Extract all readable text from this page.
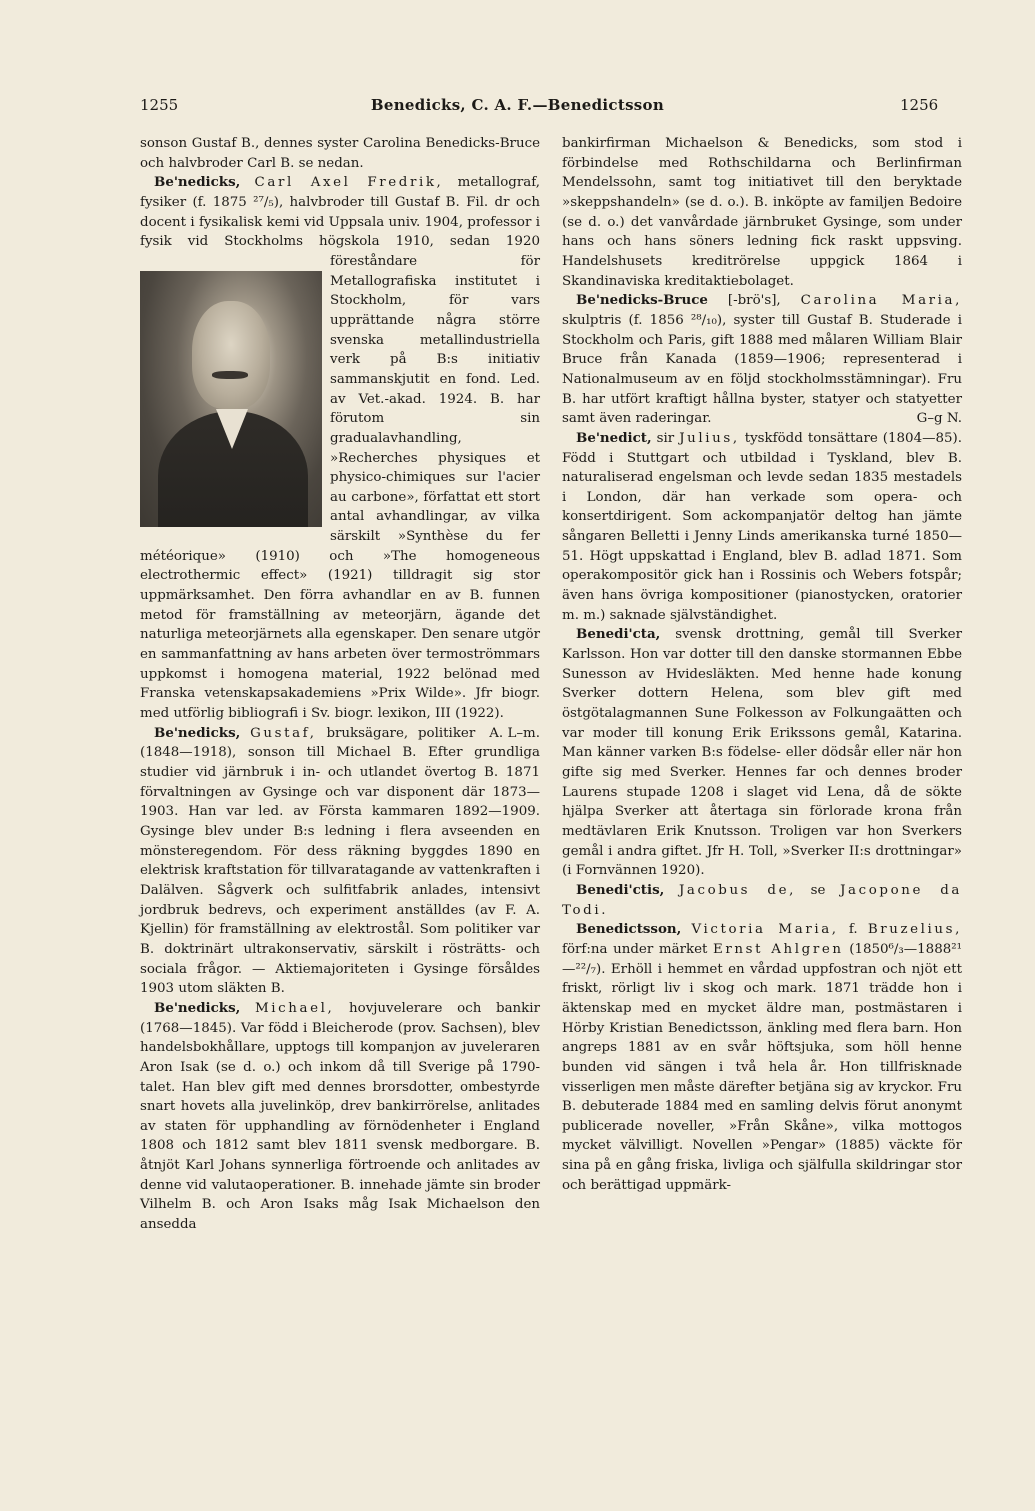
1255	Benedicks, C. A. F.—Benedictsson	1256

sonson Gustaf B., dennes syster Carolina Benedicks-Bruce och halvbroder Carl B. se nedan.

Be'nedicks, Carl Axel Fredrik, metallograf, fysiker (f. 1875 ²⁷/₅), halvbroder till Gustaf B. Fil. dr och docent i fysikalisk kemi vid Uppsala univ. 1904, professor i fysik vid Stockholms högskola 1910, sedan 1920 föreståndare för Metallografiska institutet i Stockholm, för vars upprättande några större svenska metallindustriella verk på B:s initiativ sammanskjutit en fond. Led. av Vet.-akad. 1924. B. har förutom sin gradualavhandling, »Recherches physiques et physico-chimiques sur l'acier au carbone», författat ett stort antal avhandlingar, av vilka särskilt »Synthèse du fer météorique» (1910) och »The homogeneous electrothermic effect» (1921) tilldragit sig stor uppmärksamhet. Den förra avhandlar en av B. funnen metod för framställning av meteorjärn, ägande det naturliga meteorjärnets alla egenskaper. Den senare utgör en sammanfattning av hans arbeten över termoströmmars uppkomst i homogena material, 1922 belönad med Franska vetenskapsakademiens »Prix Wilde». Jfr biogr. med utförlig bibliografi i Sv. biogr. lexikon, III (1922).
A. L–m.

Be'nedicks, Gustaf, bruksägare, politiker (1848—1918), sonson till Michael B. Efter grundliga studier vid järnbruk i in- och utlandet övertog B. 1871 förvaltningen av Gysinge och var disponent där 1873—1903. Han var led. av Första kammaren 1892—1909. Gysinge blev under B:s ledning i flera avseenden en mönsteregendom. För dess räkning byggdes 1890 en elektrisk kraftstation för tillvaratagande av vattenkraften i Dalälven. Sågverk och sulfitfabrik anlades, intensivt jordbruk bedrevs, och experiment anställdes (av F. A. Kjellin) för framställning av elektrostål. Som politiker var B. doktrinärt ultrakonservativ, särskilt i rösträtts- och sociala frågor. — Aktiemajoriteten i Gysinge försåldes 1903 utom släkten B.

Be'nedicks, Michael, hovjuvelerare och bankir (1768—1845). Var född i Bleicherode (prov. Sachsen), blev handelsbokhållare, upptogs till kompanjon av juveleraren Aron Isak (se d. o.) och inkom då till Sverige på 1790-talet. Han blev gift med dennes brorsdotter, ombestyrde snart hovets alla juvelinköp, drev bankirrörelse, anlitades av staten för upphandling av förnödenheter i England 1808 och 1812 samt blev 1811 svensk medborgare. B. åtnjöt Karl Johans synnerliga förtroende och anlitades av denne vid valutaoperationer. B. innehade jämte sin broder Vilhelm B. och Aron Isaks måg Isak Michaelson den ansedda

bankirfirman Michaelson & Benedicks, som stod i förbindelse med Rothschildarna och Berlinfirman Mendelssohn, samt tog initiativet till den beryktade »skeppshandeln» (se d. o.). B. inköpte av familjen Bedoire (se d. o.) det vanvårdade järnbruket Gysinge, som under hans och hans söners ledning fick raskt uppsving. Handelshusets kreditrörelse uppgick 1864 i Skandinaviska kreditaktiebolaget.

Be'nedicks-Bruce [-brö's], Carolina Maria, skulptris (f. 1856 ²⁸/₁₀), syster till Gustaf B. Studerade i Stockholm och Paris, gift 1888 med målaren William Blair Bruce från Kanada (1859—1906; representerad i Nationalmuseum av en följd stockholmsstämningar). Fru B. har utfört kraftigt hållna byster, statyer och statyetter samt även raderingar.	G–g N.

Be'nedict, sir Julius, tyskfödd tonsättare (1804—85). Född i Stuttgart och utbildad i Tyskland, blev B. naturaliserad engelsman och levde sedan 1835 mestadels i London, där han verkade som opera- och konsertdirigent. Som ackompanjatör deltog han jämte sångaren Belletti i Jenny Linds amerikanska turné 1850—51. Högt uppskattad i England, blev B. adlad 1871. Som operakompositör gick han i Rossinis och Webers fotspår; även hans övriga kompositioner (pianostycken, oratorier m. m.) saknade självständighet.

Benedi'cta, svensk drottning, gemål till Sverker Karlsson. Hon var dotter till den danske stormannen Ebbe Sunesson av Hvidesläkten. Med henne hade konung Sverker dottern Helena, som blev gift med östgötalagmannen Sune Folkesson av Folkungaätten och var moder till konung Erik Erikssons gemål, Katarina. Man känner varken B:s födelse- eller dödsår eller när hon gifte sig med Sverker. Hennes far och dennes broder Laurens stupade 1208 i slaget vid Lena, då de sökte hjälpa Sverker att återtaga sin förlorade krona från medtävlaren Erik Knutsson. Troligen var hon Sverkers gemål i andra giftet. Jfr H. Toll, »Sverker II:s drottningar» (i Fornvännen 1920).

Benedi'ctis, Jacobus de, se Jacopone da Todi.

Benedictsson, Victoria Maria, f. Bruzelius, förf:na under märket Ernst Ahlgren (1850⁶/₃—1888²¹—²²/₇). Erhöll i hemmet en vårdad uppfostran och njöt ett friskt, rörligt liv i skog och mark. 1871 trädde hon i äktenskap med en mycket äldre man, postmästaren i Hörby Kristian Benedictsson, änkling med flera barn. Hon angreps 1881 av en svår höftsjuka, som höll henne bunden vid sängen i två hela år. Hon tillfrisknade visserligen men måste därefter betjäna sig av kryckor. Fru B. debuterade 1884 med en samling delvis förut anonymt publicerade noveller, »Från Skåne», vilka mottogos mycket välvilligt. Novellen »Pengar» (1885) väckte för sina på en gång friska, livliga och själfulla skildringar stor och berättigad uppmärk-
